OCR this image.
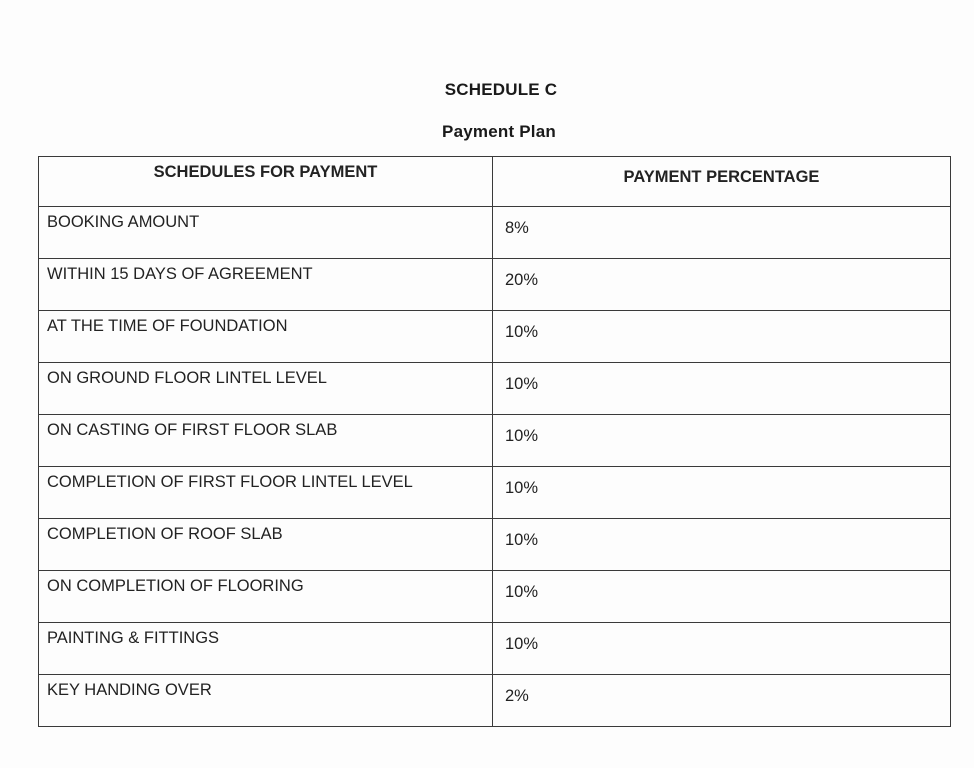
SCHEDULE C
Payment Plan
SCHEDULES FOR PAYMENT	PAYMENT PERCENTAGE
BOOKING AMOUNT	8%
WITHIN 15 DAYS OF AGREEMENT	20%
AT THE TIME OF FOUNDATION	10%
ON GROUND FLOOR LINTEL LEVEL	10%
ON CASTING OF FIRST FLOOR SLAB	10%
COMPLETION OF FIRST FLOOR LINTEL LEVEL	10%
COMPLETION OF ROOF SLAB	10%
ON COMPLETION OF FLOORING	10%
PAINTING & FITTINGS	10%
KEY HANDING OVER	2%
